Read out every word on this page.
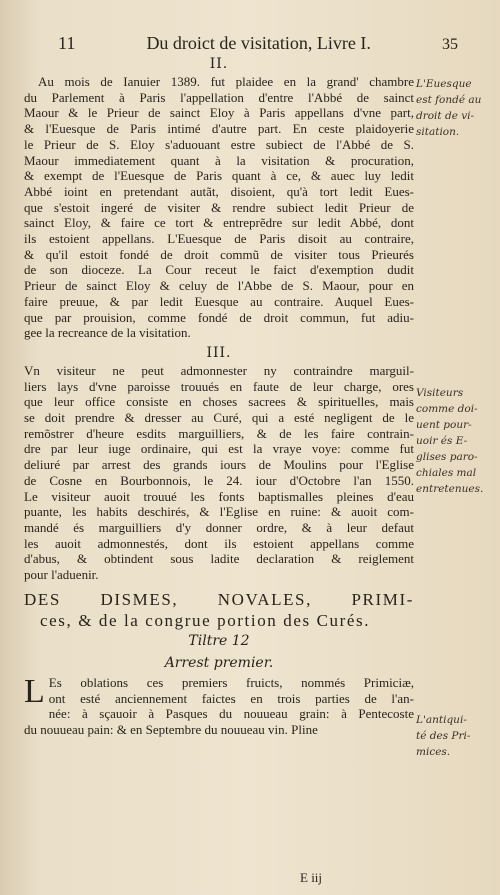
11	Du droict de visitation, Livre I.	35
II.

Au mois de Ianuier 1389. fut plaidee en la grand' chambre
du Parlement à Paris l'appellation d'entre l'Abbé de sainct
Maour & le Prieur de sainct Eloy à Paris appellans d'vne part,
& l'Euesque de Paris intimé d'autre part. En ceste plaidoyerie
le Prieur de S. Eloy s'aduouant estre subiect de l'Abbé de S.
Maour immediatement quant à la visitation & procuration,
& exempt de l'Euesque de Paris quant à ce, & auec luy ledit
Abbé ioint en pretendant autãt, disoient, qu'à tort ledit Eues-
que s'estoit ingeré de visiter & rendre subiect ledit Prieur de
sainct Eloy, & faire ce tort & entreprẽdre sur ledit Abbé, dont
ils estoient appellans. L'Euesque de Paris disoit au contraire,
& qu'il estoit fondé de droit commũ de visiter tous Prieurés
de son dioceze. La Cour receut le faict d'exemption dudit
Prieur de sainct Eloy & celuy de l'Abbe de S. Maour, pour en
faire preuue, & par ledit Euesque au contraire. Auquel Eues-
que par prouision, comme fondé de droit commun, fut adiu-
gee la recreance de la visitation.

III.

Vn visiteur ne peut admonnester ny contraindre marguil-
liers lays d'vne paroisse trouués en faute de leur charge, ores
que leur office consiste en choses sacrees & spirituelles, mais
se doit prendre & dresser au Curé, qui a esté negligent de le
remõstrer d'heure esdits marguilliers, & de les faire contrain-
dre par leur iuge ordinaire, qui est la vraye voye: comme fut
deliuré par arrest des grands iours de Moulins pour l'Eglise
de Cosne en Bourbonnois, le 24. iour d'Octobre l'an 1550.
Le visiteur auoit trouué les fonts baptismalles pleines d'eau
puante, les habits deschirés, & l'Eglise en ruine: & auoit com-
mandé és marguilliers d'y donner ordre, & à leur defaut
les auoit admonnestés, dont ils estoient appellans comme
d'abus, & obtindent sous ladite declaration & reiglement
pour l'aduenir.

DES DISMES, NOVALES, PRIMI-
ces, & de la congrue portion des Curés.
Tiltre 12
Arrest premier.

L Es oblations ces premiers fruicts, nommés Primiciæ,
ont esté anciennement faictes en trois parties de l'an-
née: à sçauoir à Pasques du nouueau grain: à Pentecoste
du nouueau pain: & en Septembre du nouueau vin. Pline

L'Euesque
est fondé au
droit de vi-
sitation.
Visiteurs
comme doi-
uent pour-
uoir és E-
glises paro-
chiales mal
entretenues.
L'antiqui-
té des Pri-
mices.
E iij
